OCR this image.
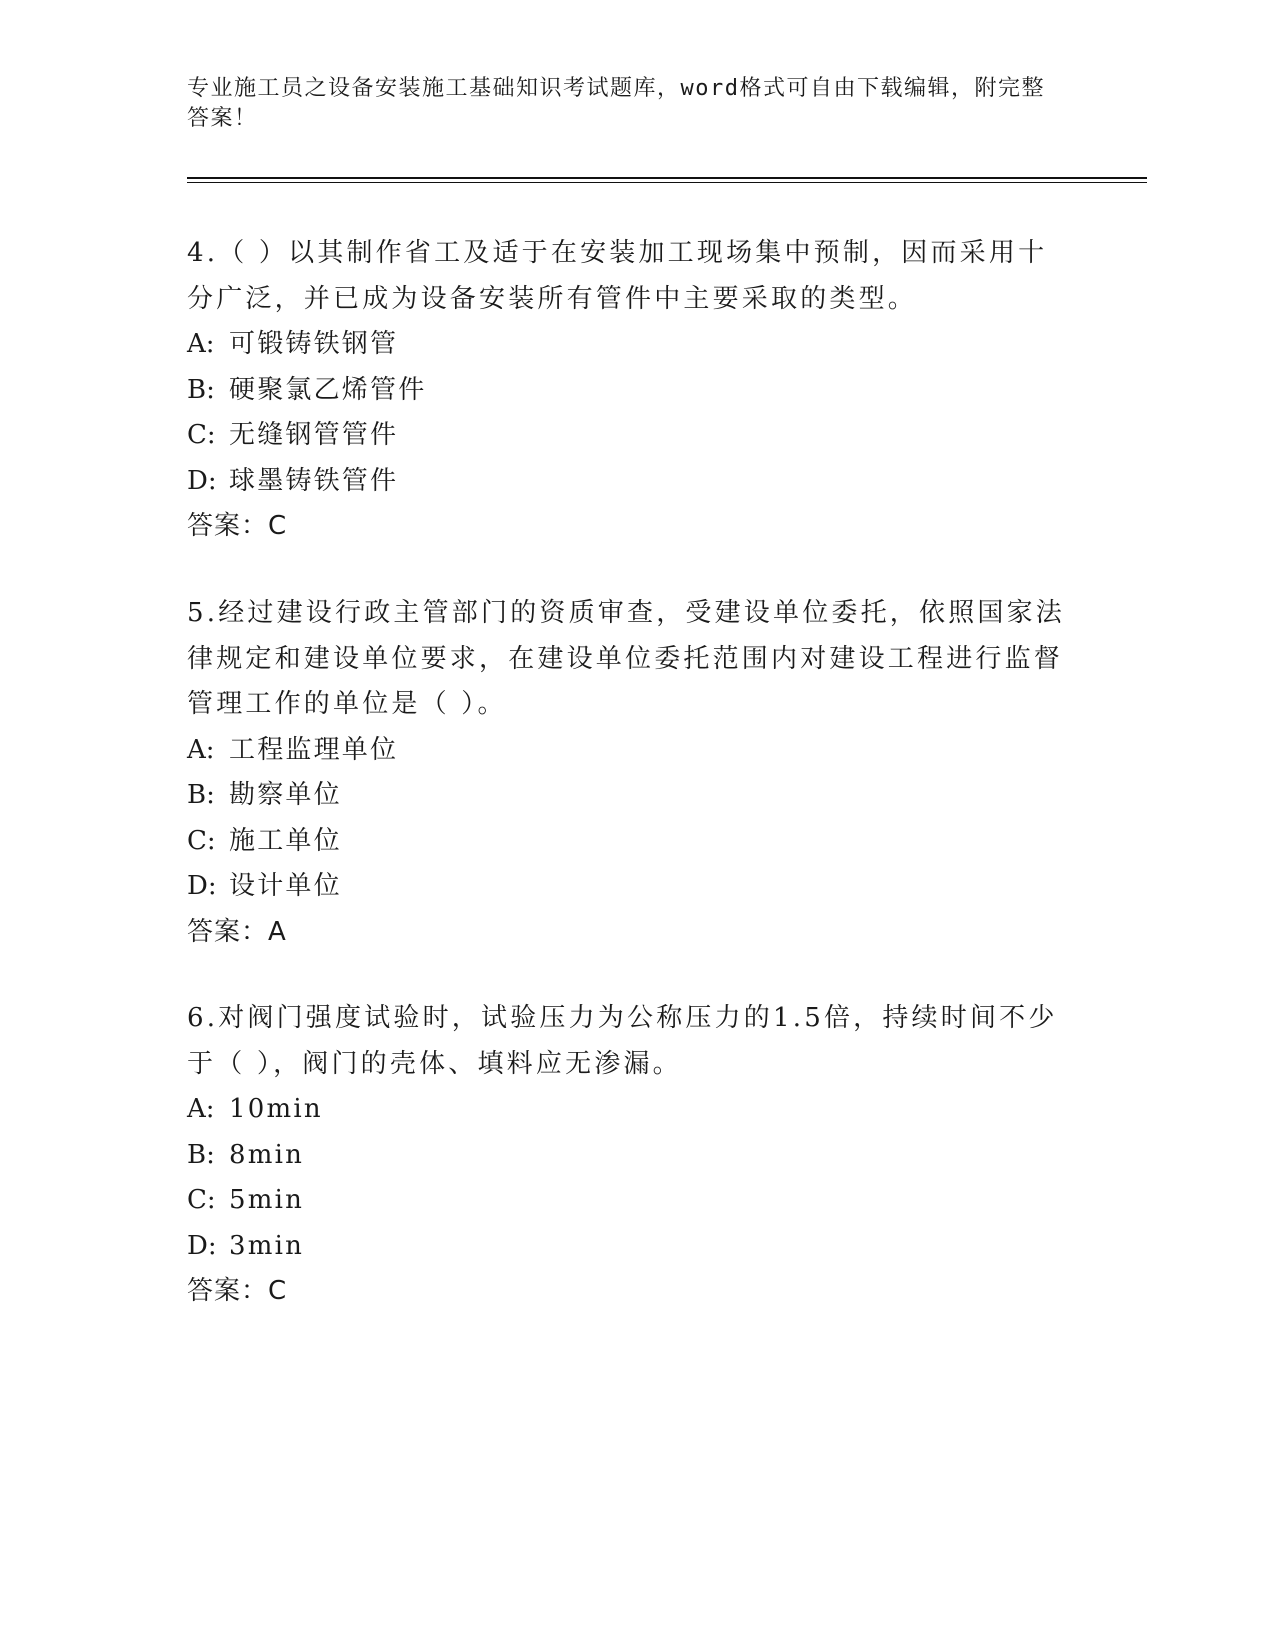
专业施工员之设备安装施工基础知识考试题库，word格式可自由下载编辑，附完整答案！
4.（ ）以其制作省工及适于在安装加工现场集中预制，因而采用十分广泛，并已成为设备安装所有管件中主要采取的类型。
A: 可锻铸铁钢管
B: 硬聚氯乙烯管件
C: 无缝钢管管件
D: 球墨铸铁管件
答案：C
5.经过建设行政主管部门的资质审查，受建设单位委托，依照国家法律规定和建设单位要求，在建设单位委托范围内对建设工程进行监督管理工作的单位是（ ）。
A: 工程监理单位
B: 勘察单位
C: 施工单位
D: 设计单位
答案：A
6.对阀门强度试验时，试验压力为公称压力的1.5倍，持续时间不少于（ ），阀门的壳体、填料应无渗漏。
A: 10min
B: 8min
C: 5min
D: 3min
答案：C
